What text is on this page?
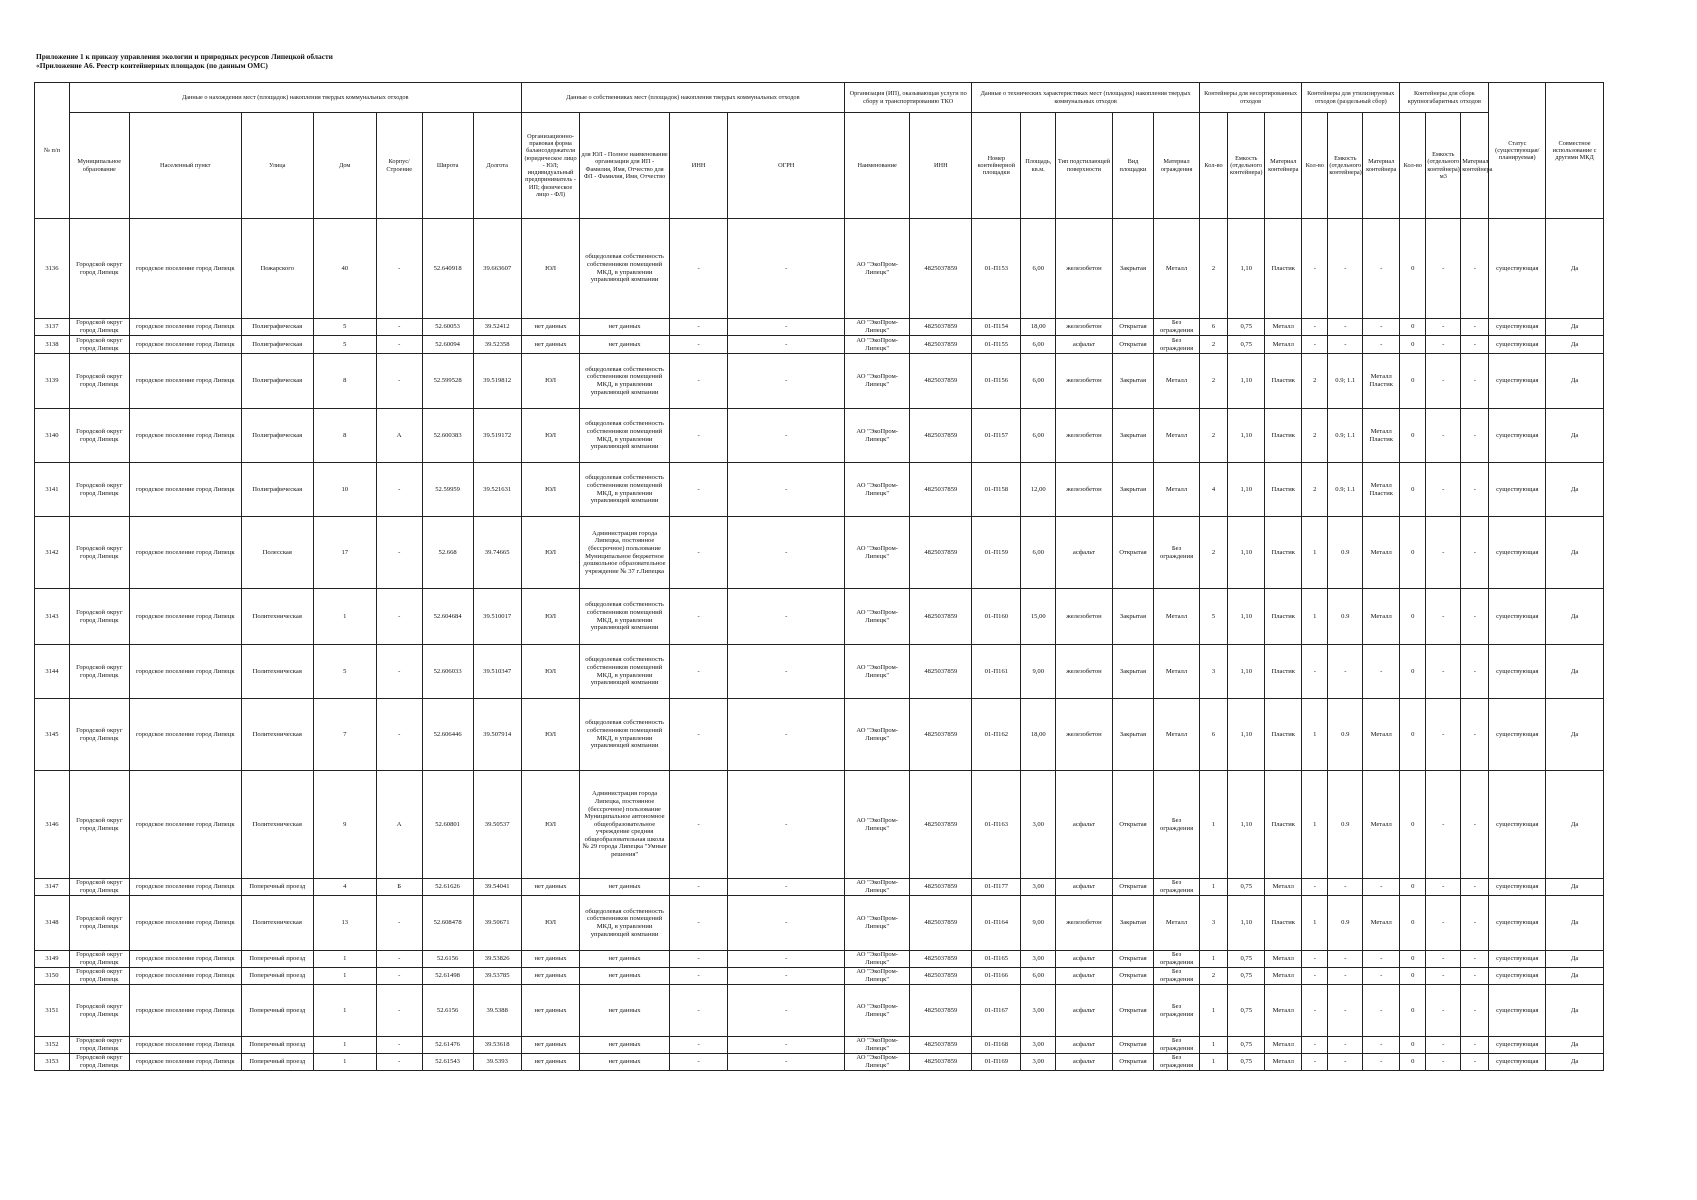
Приложение 1 к приказу управления экологии и природных ресурсов Липецкой области
«Приложение А6. Реестр контейнерных площадок (по данным ОМС)
№ п/п	Данные о нахождении мест (площадок) накопления твердых коммунальных отходов							Данные о собственниках мест (площадок) накопления твердых коммунальных отходов				Организация (ИП), оказывающая услуги по сбору и транспортированию ТКО		Данные о технических характеристиках мест (площадок) накопления твердых коммунальных отходов					Контейнеры для несортированных отходов			Контейнеры для утилизируемых отходов (раздельный сбор)			Контейнеры для сборк крупногабаритных отходов			Статус (существующая/ планируемая)	Совместное использование с другими МКД
	Муниципальное образование	Населенный пункт	Улица	Дом	Корпус/Строение	Широта	Долгота	Организационно-правовая форма балансодержателя (юридическое лицо - ЮЛ; индивидуальный предприниматель - ИП; физическое лицо - ФЛ)	для ЮЛ - Полное наименование организации для ИП - Фамилия, Имя, Отчество для ФЛ - Фамилия, Имя, Отчество	ИНН	ОГРН	Наименование	ИНН	Номер контейнерной площадки	Площадь, кв.м.	Тип подстилающей поверхности	Вид площадки	Материал ограждения	Кол-во	Емкость (отдельного контейнера)	Материал контейнера	Кол-во	Емкость (отдельного контейнера)	Материал контейнера	Кол-во	Емкость (отдельного контейнера) м3	Материал контейнера		
3136	Городской округ город Липецк	городское поселение город Липецк	Пожарского	40	-	52.640918	39.663607	ЮЛ	общедолевая собственность собственников помещений МКД, в управлении управляющей компании	-	-	АО "ЭкоПром-Липецк"	4825037859	01-П153	6,00	железобетон	Закрытая	Металл	2	1,10	Пластик	-	-	-	0	-	-	существующая	Да
3137	Городской округ город Липецк	городское поселение город Липецк	Полиграфическая	5	-	52.60053	39.52412	нет данных	нет данных	-	-	АО "ЭкоПром-Липецк"	4825037859	01-П154	18,00	железобетон	Открытая	Без ограждения	6	0,75	Металл	-	-	-	0	-	-	существующая	Да
3138	Городской округ город Липецк	городское поселение город Липецк	Полиграфическая	5	-	52.60094	39.52358	нет данных	нет данных	-	-	АО "ЭкоПром-Липецк"	4825037859	01-П155	6,00	асфальт	Открытая	Без ограждения	2	0,75	Металл	-	-	-	0	-	-	существующая	Да
3139	Городской округ город Липецк	городское поселение город Липецк	Полиграфическая	8	-	52.599528	39.519812	ЮЛ	общедолевая собственность собственников помещений МКД, в управлении управляющей компании	-	-	АО "ЭкоПром-Липецк"	4825037859	01-П156	6,00	железобетон	Закрытая	Металл	2	1,10	Пластик	2	0.9; 1.1	Металл Пластик	0	-	-	существующая	Да
3140	Городской округ город Липецк	городское поселение город Липецк	Полиграфическая	8	А	52.600383	39.519172	ЮЛ	общедолевая собственность собственников помещений МКД, в управлении управляющей компании	-	-	АО "ЭкоПром-Липецк"	4825037859	01-П157	6,00	железобетон	Закрытая	Металл	2	1,10	Пластик	2	0.9; 1.1	Металл Пластик	0	-	-	существующая	Да
3141	Городской округ город Липецк	городское поселение город Липецк	Полиграфическая	10	-	52.59959	39.521631	ЮЛ	общедолевая собственность собственников помещений МКД, в управлении управляющей компании	-	-	АО "ЭкоПром-Липецк"	4825037859	01-П158	12,00	железобетон	Закрытая	Металл	4	1,10	Пластик	2	0.9; 1.1	Металл Пластик	0	-	-	существующая	Да
3142	Городской округ город Липецк	городское поселение город Липецк	Полесская	17	-	52.668	39.74665	ЮЛ	Администрация города Липецка, постоянное (бессрочное) пользование Муниципальное бюджетное дошкольное образовательное учреждение № 37 г.Липецка	-	-	АО "ЭкоПром-Липецк"	4825037859	01-П159	6,00	асфальт	Открытая	Без ограждения	2	1,10	Пластик	1	0.9	Металл	0	-	-	существующая	Да
3143	Городской округ город Липецк	городское поселение город Липецк	Политехническая	1	-	52.604684	39.510017	ЮЛ	общедолевая собственность собственников помещений МКД, в управлении управляющей компании	-	-	АО "ЭкоПром-Липецк"	4825037859	01-П160	15,00	железобетон	Закрытая	Металл	5	1,10	Пластик	1	0.9	Металл	0	-	-	существующая	Да
3144	Городской округ город Липецк	городское поселение город Липецк	Политехническая	5	-	52.606033	39.510347	ЮЛ	общедолевая собственность собственников помещений МКД, в управлении управляющей компании	-	-	АО "ЭкоПром-Липецк"	4825037859	01-П161	9,00	железобетон	Закрытая	Металл	3	1,10	Пластик	-	-	-	0	-	-	существующая	Да
3145	Городской округ город Липецк	городское поселение город Липецк	Политехническая	7	-	52.606446	39.507914	ЮЛ	общедолевая собственность собственников помещений МКД, в управлении управляющей компании	-	-	АО "ЭкоПром-Липецк"	4825037859	01-П162	18,00	железобетон	Закрытая	Металл	6	1,10	Пластик	1	0.9	Металл	0	-	-	существующая	Да
3146	Городской округ город Липецк	городское поселение город Липецк	Политехническая	9	А	52.60801	39.50537	ЮЛ	Администрация города Липецка, постоянное (бессрочное) пользование Муниципальное автономное общеобразовательное учреждение средняя общеобразовательная школа № 29 города Липецка "Умные решения"	-	-	АО "ЭкоПром-Липецк"	4825037859	01-П163	3,00	асфальт	Открытая	Без ограждения	1	1,10	Пластик	1	0.9	Металл	0	-	-	существующая	Да
3147	Городской округ город Липецк	городское поселение город Липецк	Поперечный проезд	4	Б	52.61626	39.54041	нет данных	нет данных	-	-	АО "ЭкоПром-Липецк"	4825037859	01-П177	3,00	асфальт	Открытая	Без ограждения	1	0,75	Металл	-	-	-	0	-	-	существующая	Да
3148	Городской округ город Липецк	городское поселение город Липецк	Политехническая	13	-	52.608478	39.50671	ЮЛ	общедолевая собственность собственников помещений МКД, в управлении управляющей компании	-	-	АО "ЭкоПром-Липецк"	4825037859	01-П164	9,00	железобетон	Закрытая	Металл	3	1,10	Пластик	1	0.9	Металл	0	-	-	существующая	Да
3149	Городской округ город Липецк	городское поселение город Липецк	Поперечный проезд	1	-	52.6156	39.53826	нет данных	нет данных	-	-	АО "ЭкоПром-Липецк"	4825037859	01-П165	3,00	асфальт	Открытая	Без ограждения	1	0,75	Металл	-	-	-	0	-	-	существующая	Да
3150	Городской округ город Липецк	городское поселение город Липецк	Поперечный проезд	1	-	52.61498	39.53785	нет данных	нет данных	-	-	АО "ЭкоПром-Липецк"	4825037859	01-П166	6,00	асфальт	Открытая	Без ограждения	2	0,75	Металл	-	-	-	0	-	-	существующая	Да
3151	Городской округ город Липецк	городское поселение город Липецк	Поперечный проезд	1	-	52.6156	39.5388	нет данных	нет данных	-	-	АО "ЭкоПром-Липецк"	4825037859	01-П167	3,00	асфальт	Открытая	Без ограждения	1	0,75	Металл	-	-	-	0	-	-	существующая	Да
3152	Городской округ город Липецк	городское поселение город Липецк	Поперечный проезд	1	-	52.61476	39.53618	нет данных	нет данных	-	-	АО "ЭкоПром-Липецк"	4825037859	01-П168	3,00	асфальт	Открытая	Без ограждения	1	0,75	Металл	-	-	-	0	-	-	существующая	Да
3153	Городской округ город Липецк	городское поселение город Липецк	Поперечный проезд	1	-	52.61543	39.5393	нет данных	нет данных	-	-	АО "ЭкоПром-Липецк"	4825037859	01-П169	3,00	асфальт	Открытая	Без ограждения	1	0,75	Металл	-	-	-	0	-	-	существующая	Да
